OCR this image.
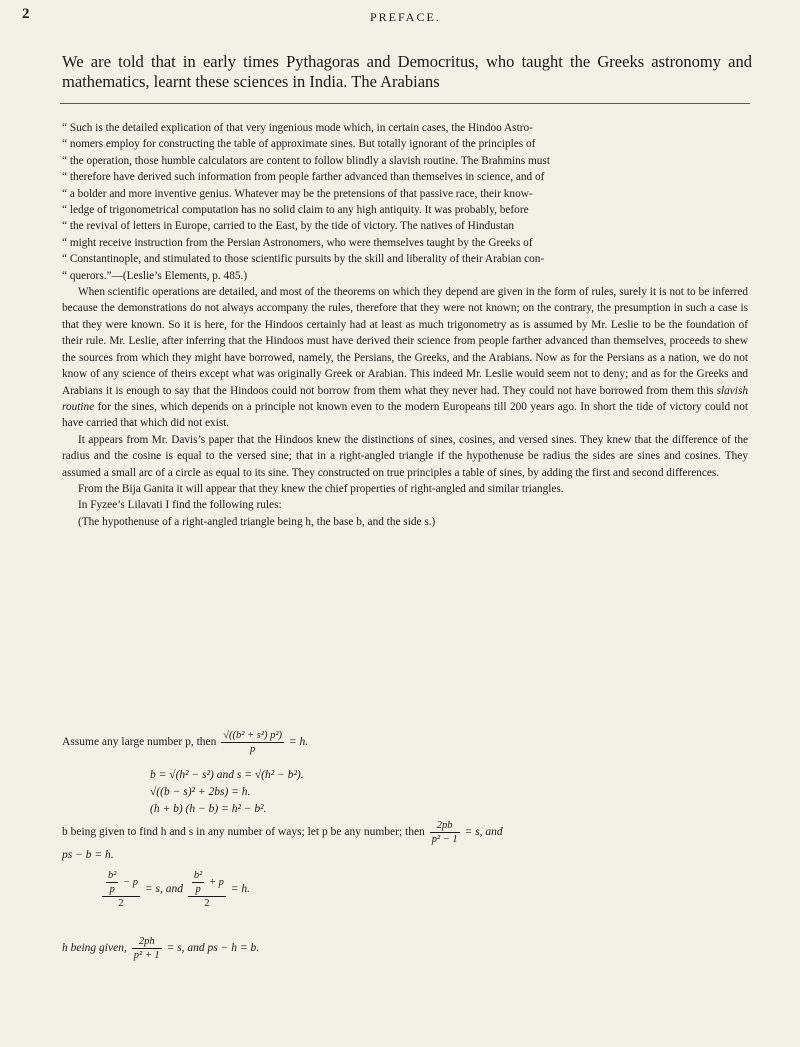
2	PREFACE.

We are told that in early times Pythagoras and Democritus, who taught the Greeks astronomy and mathematics, learnt these sciences in India. The Arabians

“ Such is the detailed explication of that very ingenious mode which, in certain cases, the Hindoo Astro-

“ nomers employ for constructing the table of approximate sines. But totally ignorant of the principles of

“ the operation, those humble calculators are content to follow blindly a slavish routine. The Brahmins must

“ therefore have derived such information from people farther advanced than themselves in science, and of

“ a bolder and more inventive genius. Whatever may be the pretensions of that passive race, their know-

“ ledge of trigonometrical computation has no solid claim to any high antiquity. It was probably, before

“ the revival of letters in Europe, carried to the East, by the tide of victory. The natives of Hindustan

“ might receive instruction from the Persian Astronomers, who were themselves taught by the Greeks of

“ Constantinople, and stimulated to those scientific pursuits by the skill and liberality of their Arabian con-

“ querors.”—(Leslie’s Elements, p. 485.)

When scientific operations are detailed, and most of the theorems on which they depend are given in the form of rules, surely it is not to be inferred because the demonstrations do not always accompany the rules, therefore that they were not known; on the contrary, the presumption in such a case is that they were known. So it is here, for the Hindoos certainly had at least as much trigonometry as is assumed by Mr. Leslie to be the foundation of their rule. Mr. Leslie, after inferring that the Hindoos must have derived their science from people farther advanced than themselves, proceeds to shew the sources from which they might have borrowed, namely, the Persians, the Greeks, and the Arabians. Now as for the Persians as a nation, we do not know of any science of theirs except what was originally Greek or Arabian. This indeed Mr. Leslie would seem not to deny; and as for the Greeks and Arabians it is enough to say that the Hindoos could not borrow from them what they never had. They could not have borrowed from them this slavish routine for the sines, which depends on a principle not known even to the modern Europeans till 200 years ago. In short the tide of victory could not have carried that which did not exist.

It appears from Mr. Davis’s paper that the Hindoos knew the distinctions of sines, cosines, and versed sines. They knew that the difference of the radius and the cosine is equal to the versed sine; that in a right-angled triangle if the hypothenuse be radius the sides are sines and cosines. They assumed a small arc of a circle as equal to its sine. They constructed on true principles a table of sines, by adding the first and second differences.

From the Bija Ganita it will appear that they knew the chief properties of right-angled and similar triangles.

In Fyzee’s Lilavati I find the following rules:

(The hypothenuse of a right-angled triangle being h, the base b, and the side s.)

Assume any large number p, then $\frac{\text{√((b² + s²) p²)}}{p} = h$.
b = √(h² − s²) and s = √(h² − b²).
√((b − s)² + 2bs) = h.
(h + b) (h − b) = h² − b².
b being given to find h and s in any number of ways; let p be any number; then $\frac{2pb}{\text{p² − 1}} = s$, and
ps − b = h.
$\frac{\frac{\text{b²}}{p} - p}{2} = s$, and $\frac{\frac{\text{b²}}{p} + p}{2} = h$.
h being given, $\frac{2ph}{\text{p² + 1}} = s$, and ps − h = b.
